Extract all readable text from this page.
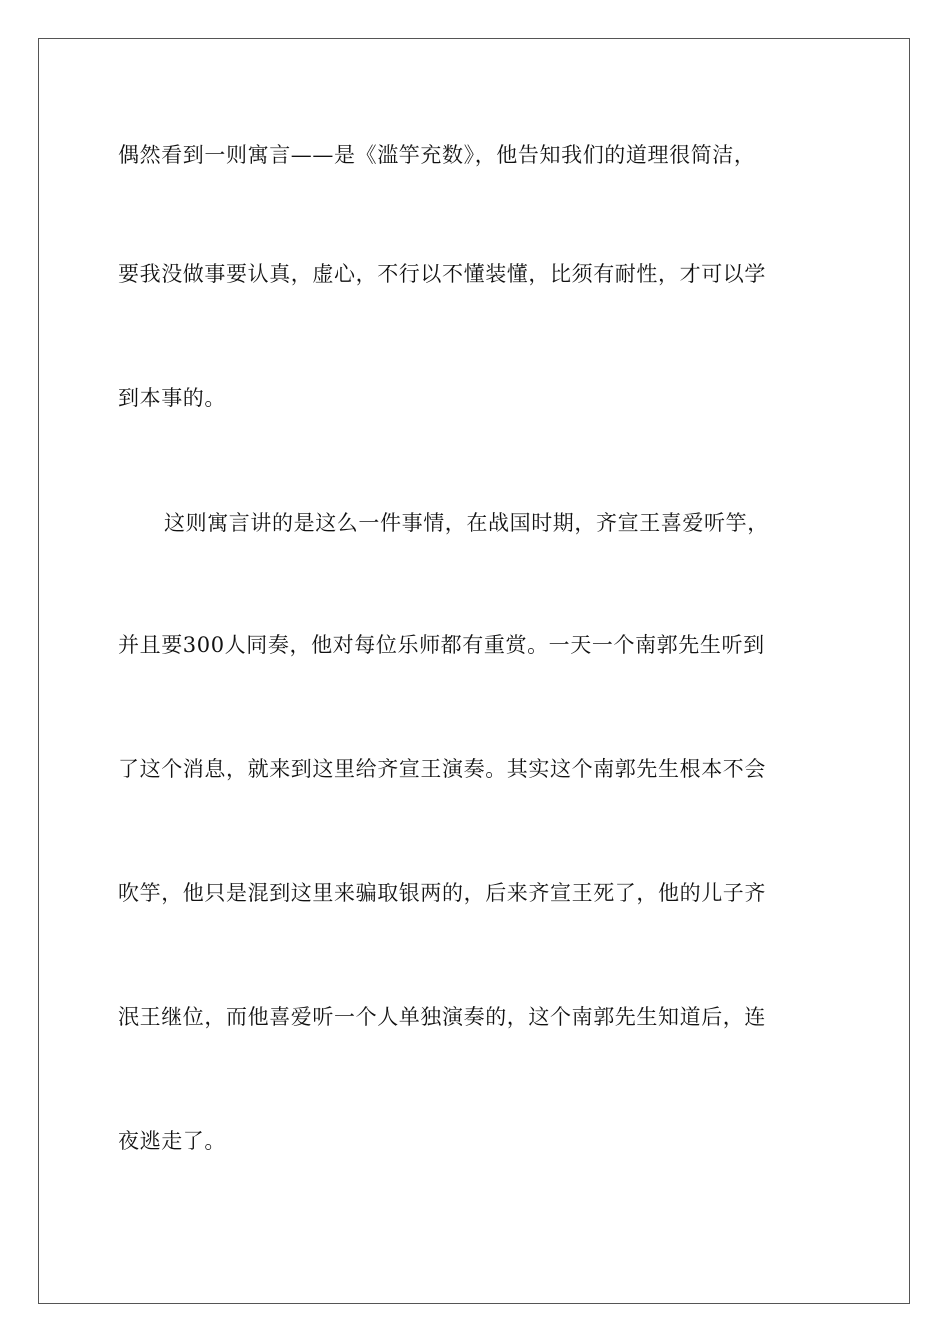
偶然看到一则寓言——是《滥竽充数》，他告知我们的道理很简洁，
要我没做事要认真，虚心，不行以不懂装懂，比须有耐性，才可以学
到本事的。
这则寓言讲的是这么一件事情，在战国时期，齐宣王喜爱听竽，
并且要300人同奏，他对每位乐师都有重赏。一天一个南郭先生听到
了这个消息，就来到这里给齐宣王演奏。其实这个南郭先生根本不会
吹竽，他只是混到这里来骗取银两的，后来齐宣王死了，他的儿子齐
泯王继位，而他喜爱听一个人单独演奏的，这个南郭先生知道后，连
夜逃走了。
